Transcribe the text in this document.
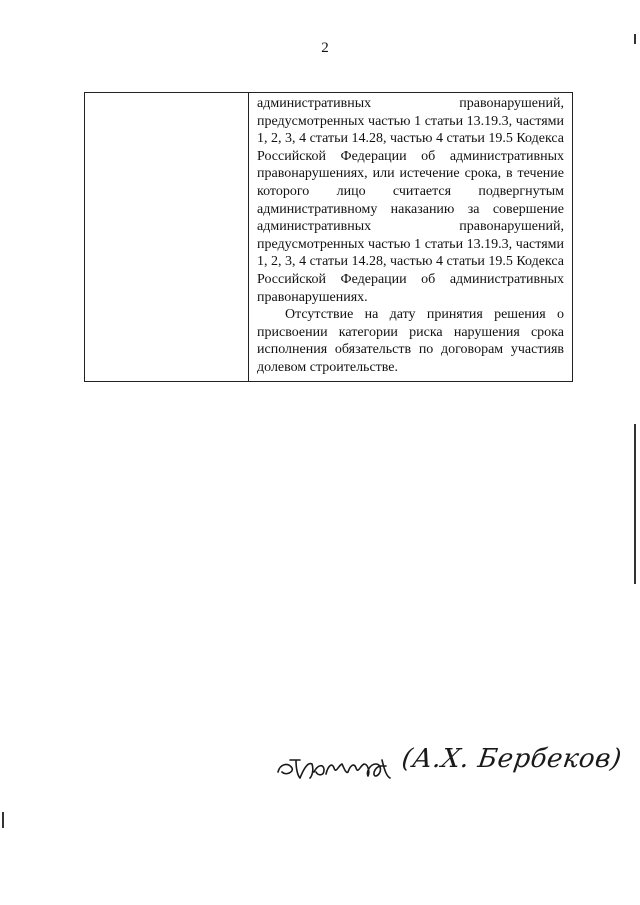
2

административных правонарушений, предусмотренных частью 1 статьи 13.19.3, частями 1, 2, 3, 4 статьи 14.28, частью 4 статьи 19.5 Кодекса Российской Федерации об административных правонарушениях, или истечение срока, в течение которого лицо считается подвергнутым административному наказанию за совершение административных правонарушений, предусмотренных частью 1 статьи 13.19.3, частями 1, 2, 3, 4 статьи 14.28, частью 4 статьи 19.5 Кодекса Российской Федерации об административных правонарушениях.

Отсутствие на дату принятия решения о присвоении категории риска нарушения срока исполнения обязательств по договорам участияв долевом строительстве.

(А.Х. Бербеков)
